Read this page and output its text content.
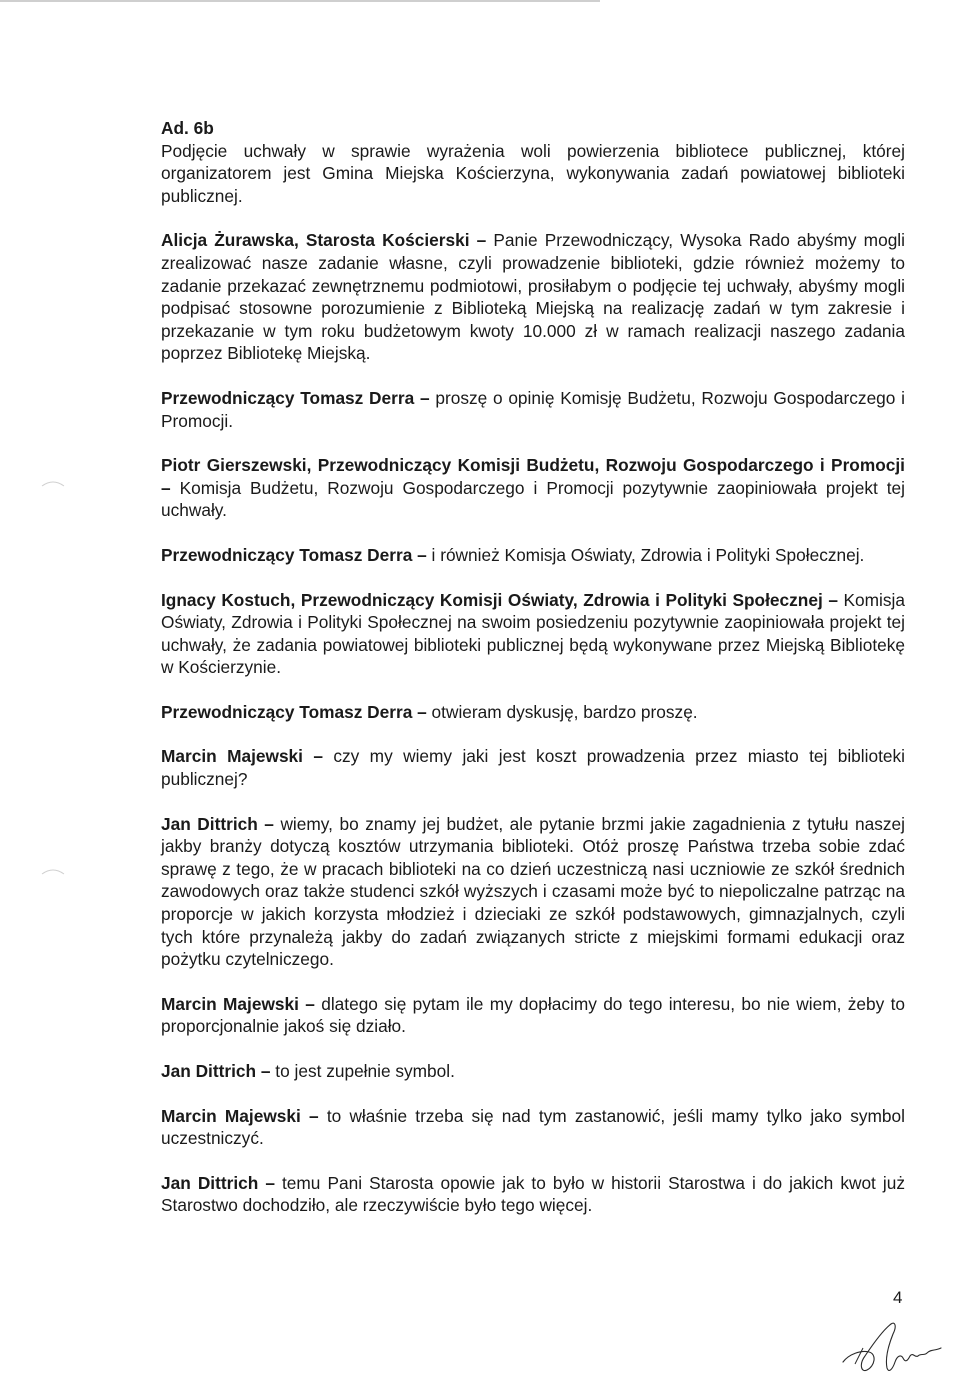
Ad. 6b
Podjęcie uchwały w sprawie wyrażenia woli powierzenia bibliotece publicznej, której organizatorem jest Gmina Miejska Kościerzyna, wykonywania zadań powiatowej biblioteki publicznej.

Alicja Żurawska, Starosta Kościerski – Panie Przewodniczący, Wysoka Rado abyśmy mogli zrealizować nasze zadanie własne, czyli prowadzenie biblioteki, gdzie również możemy to zadanie przekazać zewnętrznemu podmiotowi, prosiłabym o podjęcie tej uchwały, abyśmy mogli podpisać stosowne porozumienie z Biblioteką Miejską na realizację zadań w tym zakresie i przekazanie w tym roku budżetowym kwoty 10.000 zł w ramach realizacji naszego zadania poprzez Bibliotekę Miejską.

Przewodniczący Tomasz Derra – proszę o opinię Komisję Budżetu, Rozwoju Gospodarczego i Promocji.

Piotr Gierszewski, Przewodniczący Komisji Budżetu, Rozwoju Gospodarczego i Promocji – Komisja Budżetu, Rozwoju Gospodarczego i Promocji pozytywnie zaopiniowała projekt tej uchwały.

Przewodniczący Tomasz Derra – i również Komisja Oświaty, Zdrowia i Polityki Społecznej.

Ignacy Kostuch, Przewodniczący Komisji Oświaty, Zdrowia i Polityki Społecznej – Komisja Oświaty, Zdrowia i Polityki Społecznej na swoim posiedzeniu pozytywnie zaopiniowała projekt tej uchwały, że zadania powiatowej biblioteki publicznej będą wykonywane przez Miejską Bibliotekę w Kościerzynie.

Przewodniczący Tomasz Derra – otwieram dyskusję, bardzo proszę.

Marcin Majewski – czy my wiemy jaki jest koszt prowadzenia przez miasto tej biblioteki publicznej?

Jan Dittrich – wiemy, bo znamy jej budżet, ale pytanie brzmi jakie zagadnienia z tytułu naszej jakby branży dotyczą kosztów utrzymania biblioteki. Otóż proszę Państwa trzeba sobie zdać sprawę z tego, że w pracach biblioteki na co dzień uczestniczą nasi uczniowie ze szkół średnich zawodowych oraz także studenci szkół wyższych i czasami może być to niepoliczalne patrząc na proporcje w jakich korzysta młodzież i dzieciaki ze szkół podstawowych, gimnazjalnych, czyli tych które przynależą jakby do zadań związanych stricte z miejskimi formami edukacji oraz pożytku czytelniczego.

Marcin Majewski – dlatego się pytam ile my dopłacimy do tego interesu, bo nie wiem, żeby to proporcjonalnie jakoś się działo.

Jan Dittrich – to jest zupełnie symbol.

Marcin Majewski – to właśnie trzeba się nad tym zastanowić, jeśli mamy tylko jako symbol uczestniczyć.

Jan Dittrich – temu Pani Starosta opowie jak to było w historii Starostwa i do jakich kwot już Starostwo dochodziło, ale rzeczywiście było tego więcej.

4
